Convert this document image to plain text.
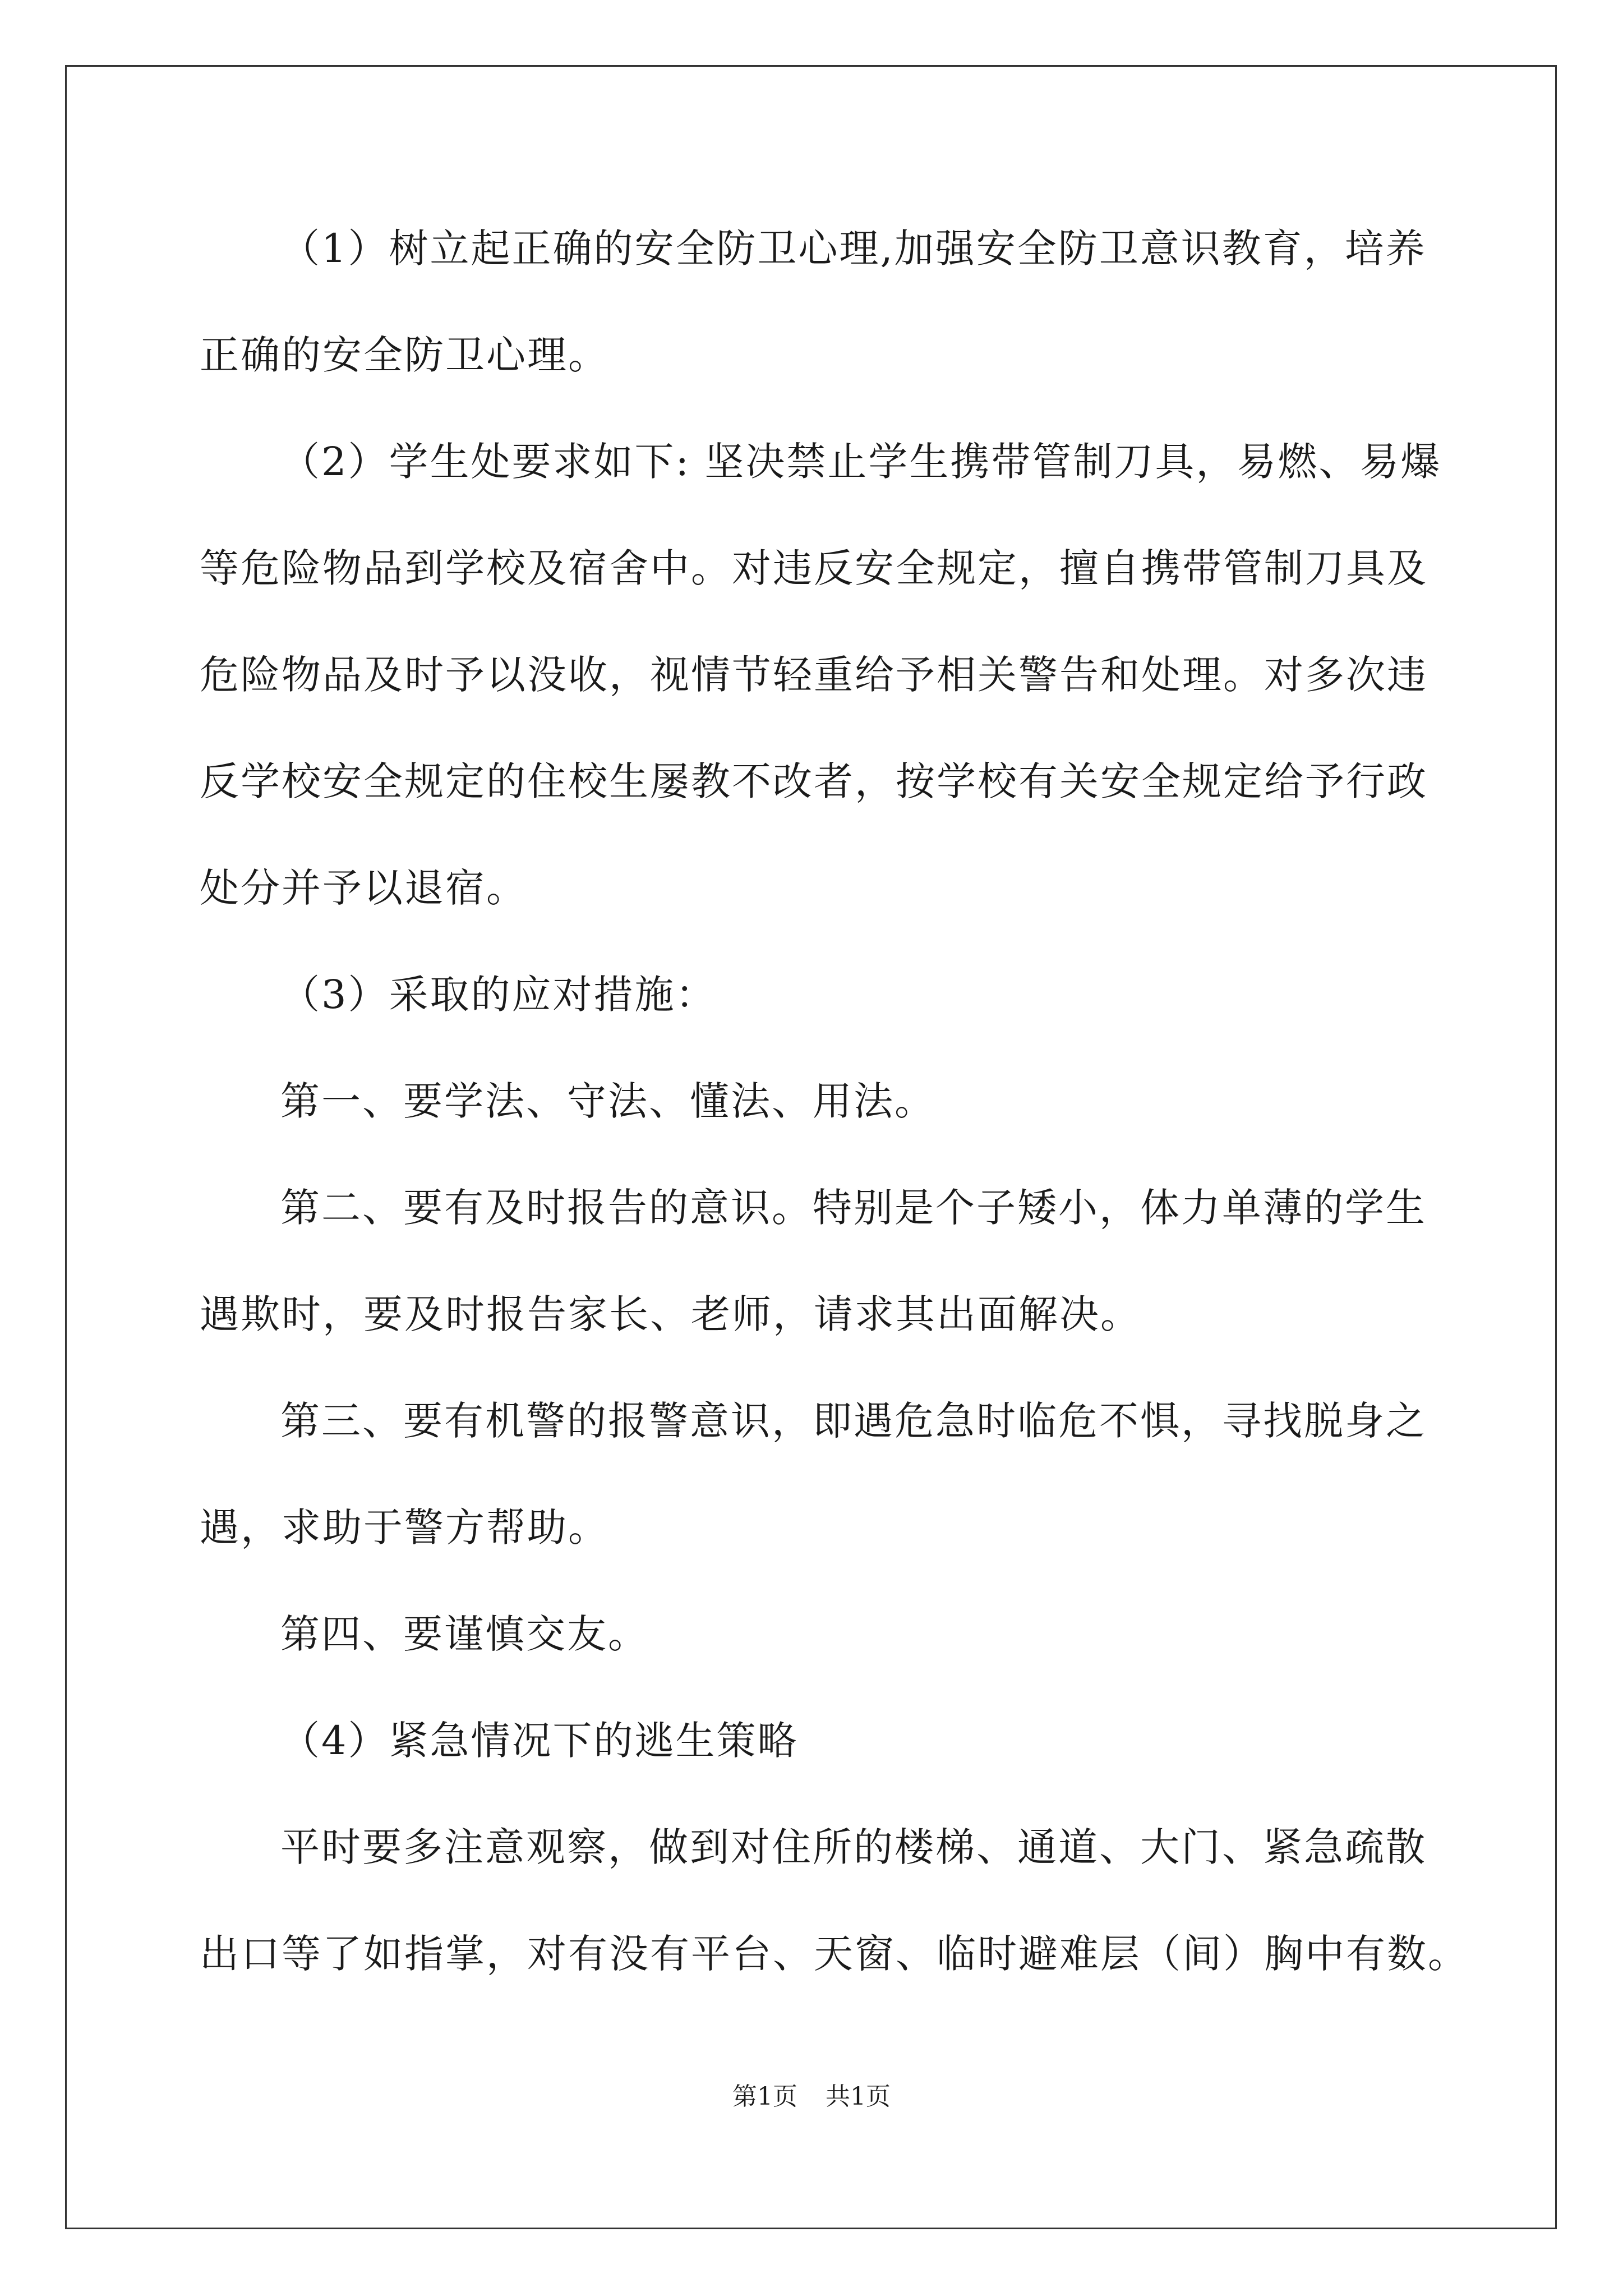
（1）树立起正确的安全防卫心理,加强安全防卫意识教育，培养
正确的安全防卫心理。
（2）学生处要求如下: 坚决禁止学生携带管制刀具，易燃、易爆
等危险物品到学校及宿舍中。对违反安全规定，擅自携带管制刀具及
危险物品及时予以没收，视情节轻重给予相关警告和处理。对多次违
反学校安全规定的住校生屡教不改者，按学校有关安全规定给予行政
处分并予以退宿。
（3）采取的应对措施：
第一、要学法、守法、懂法、用法。
第二、要有及时报告的意识。特别是个子矮小，体力单薄的学生
遇欺时，要及时报告家长、老师，请求其出面解决。
第三、要有机警的报警意识，即遇危急时临危不惧，寻找脱身之
遇，求助于警方帮助。
第四、要谨慎交友。
（4）紧急情况下的逃生策略
平时要多注意观察，做到对住所的楼梯、通道、大门、紧急疏散
出口等了如指掌，对有没有平台、天窗、临时避难层（间）胸中有数。
第1页 共1页
